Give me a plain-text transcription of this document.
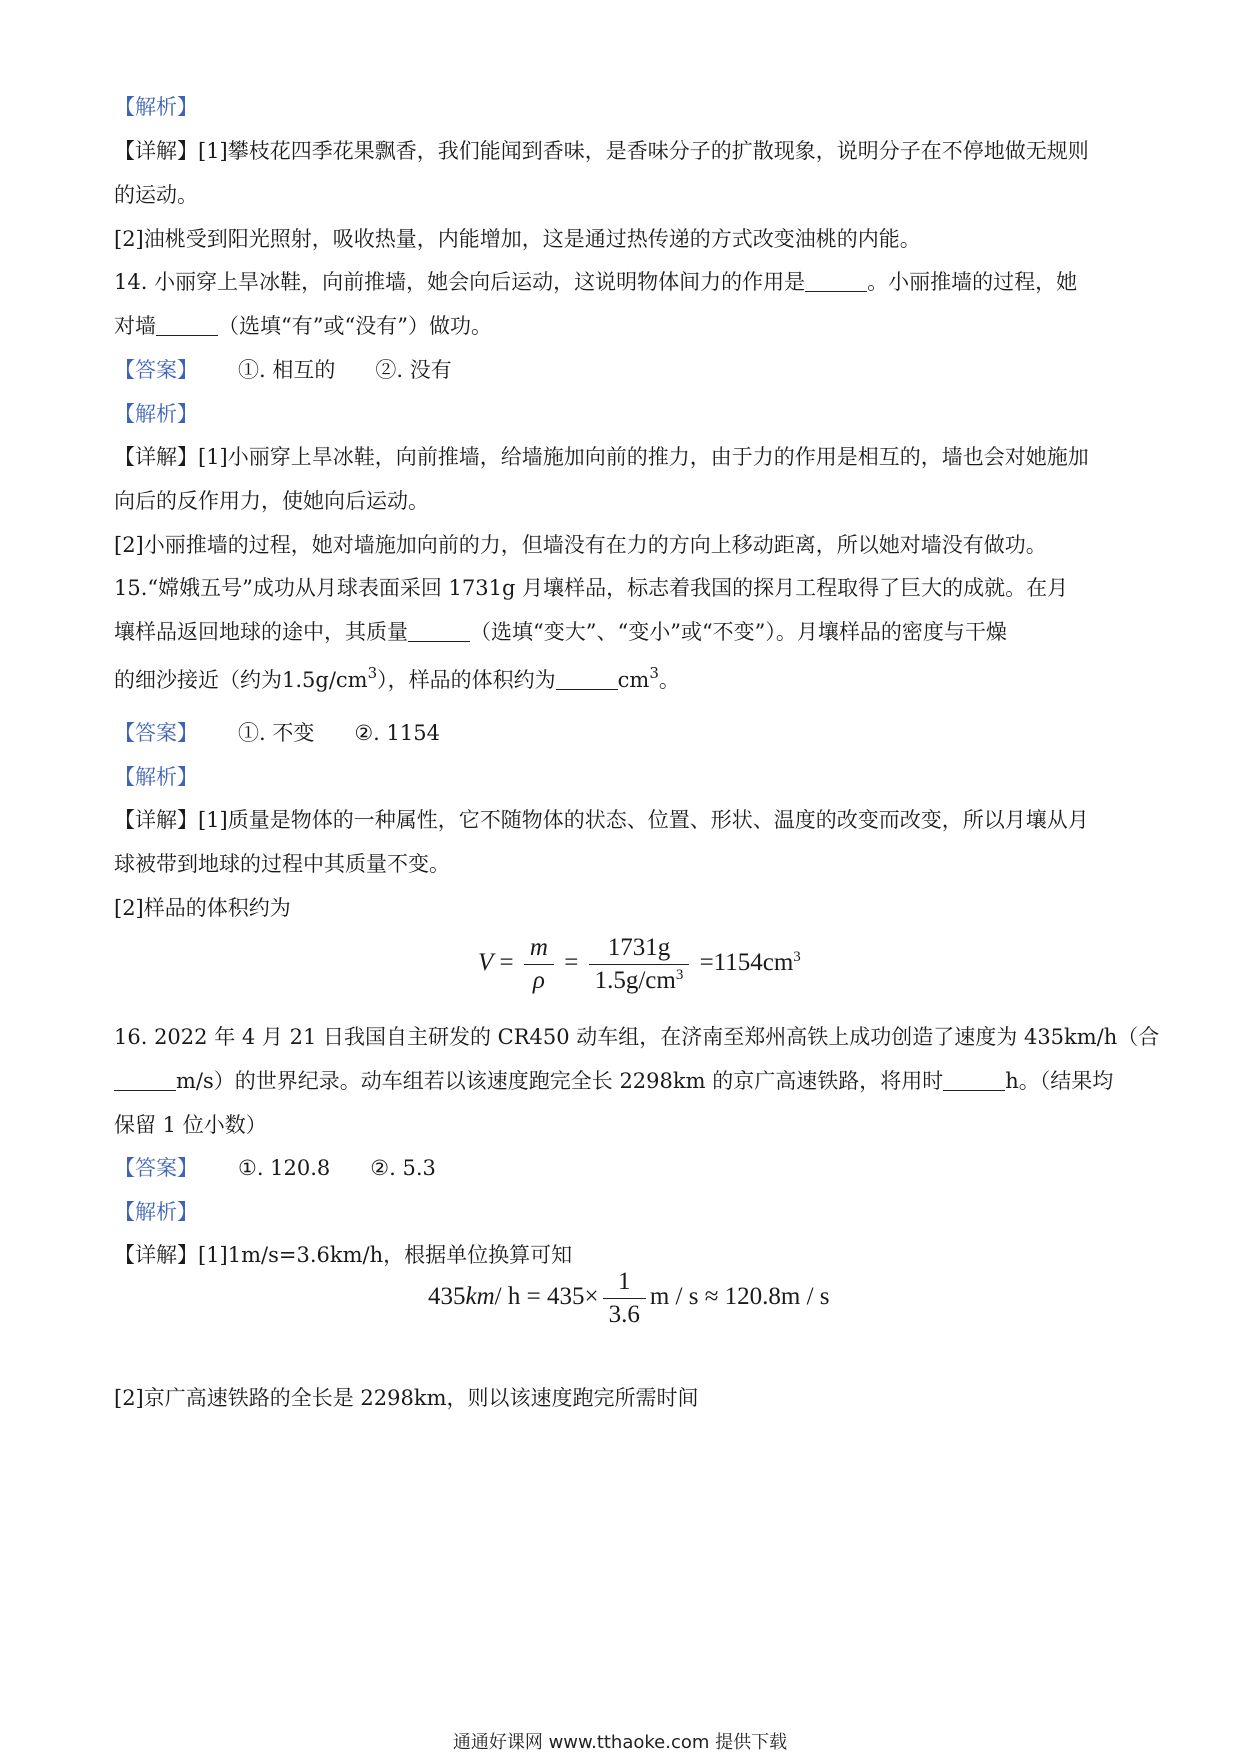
【解析】
【详解】[1]攀枝花四季花果飘香，我们能闻到香味，是香味分子的扩散现象，说明分子在不停地做无规则
的运动。
[2]油桃受到阳光照射，吸收热量，内能增加，这是通过热传递的方式改变油桃的内能。
14. 小丽穿上旱冰鞋，向前推墙，她会向后运动，这说明物体间力的作用是	。小丽推墙的过程，她
对墙	（选填“有”或“没有”）做功。
【答案】 ①. 相互的 ②. 没有
【解析】
【详解】[1]小丽穿上旱冰鞋，向前推墙，给墙施加向前的推力，由于力的作用是相互的，墙也会对她施加
向后的反作用力，使她向后运动。
[2]小丽推墙的过程，她对墙施加向前的力，但墙没有在力的方向上移动距离，所以她对墙没有做功。
15.“嫦娥五号”成功从月球表面采回 1731g 月壤样品，标志着我国的探月工程取得了巨大的成就。在月
壤样品返回地球的途中，其质量	（选填“变大”、“变小”或“不变”）。月壤样品的密度与干燥
的细沙接近（约为$1.5g/cm^3$），样品的体积约为	$cm^3$。
【答案】 ①. 不变 ②. 1154
【解析】
【详解】[1]质量是物体的一种属性，它不随物体的状态、位置、形状、温度的改变而改变，所以月壤从月
球被带到地球的过程中其质量不变。
[2]样品的体积约为
$V = \frac{m}{\rho} = \frac{1731g}{1.5g/cm^3} =1154cm^3$
16. 2022 年 4 月 21 日我国自主研发的 CR450 动车组，在济南至郑州高铁上成功创造了速度为 435km/h（合
m/s）的世界纪录。动车组若以该速度跑完全长 2298km 的京广高速铁路，将用时	h。（结果均
保留 1 位小数）
【答案】 ①. 120.8 ②. 5.3
【解析】
【详解】[1]1m/s=3.6km/h，根据单位换算可知
435km/ $h = 435\times \frac{1}{3.6}$ m / s ≈ 120.8m / s
[2]京广高速铁路的全长是 2298km，则以该速度跑完所需时间
通通好课网 www.tthaoke.com 提供下载
